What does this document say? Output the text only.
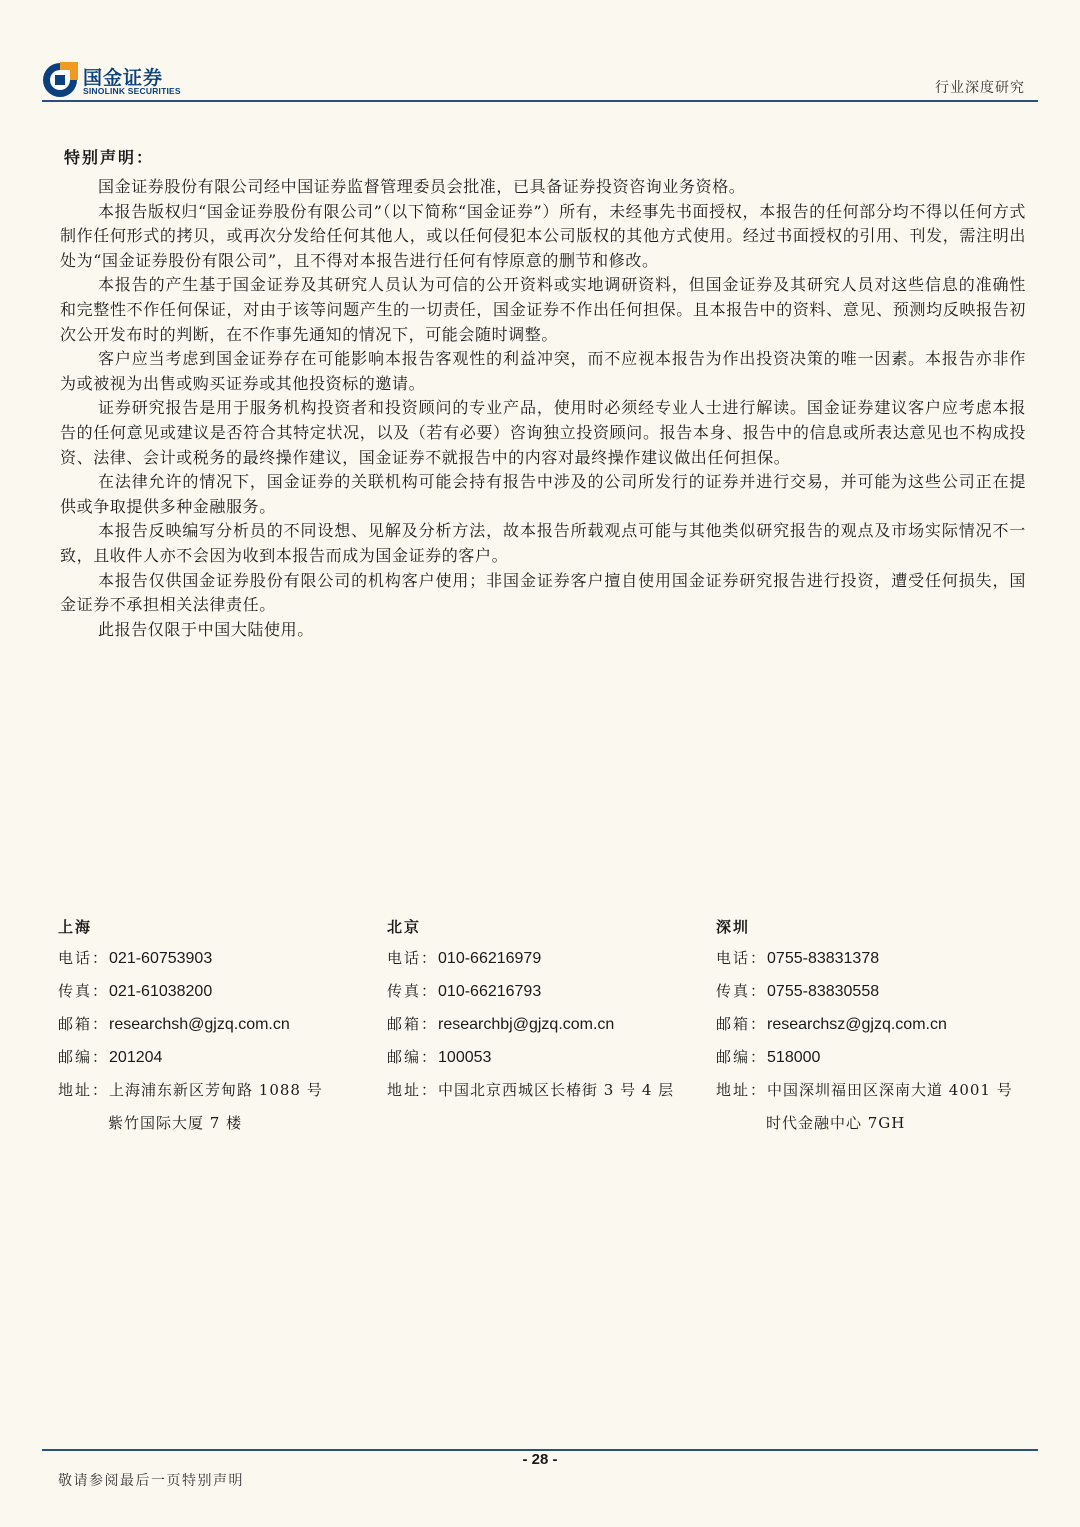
国金证券
SINOLINK SECURITIES	行业深度研究
特别声明：

国金证券股份有限公司经中国证券监督管理委员会批准，已具备证券投资咨询业务资格。

本报告版权归“国金证券股份有限公司”（以下简称“国金证券”）所有，未经事先书面授权，本报告的任何部分均不得以任何方式制作任何形式的拷贝，或再次分发给任何其他人，或以任何侵犯本公司版权的其他方式使用。经过书面授权的引用、刊发，需注明出处为“国金证券股份有限公司”，且不得对本报告进行任何有悖原意的删节和修改。

本报告的产生基于国金证券及其研究人员认为可信的公开资料或实地调研资料，但国金证券及其研究人员对这些信息的准确性和完整性不作任何保证，对由于该等问题产生的一切责任，国金证券不作出任何担保。且本报告中的资料、意见、预测均反映报告初次公开发布时的判断，在不作事先通知的情况下，可能会随时调整。

客户应当考虑到国金证券存在可能影响本报告客观性的利益冲突，而不应视本报告为作出投资决策的唯一因素。本报告亦非作为或被视为出售或购买证券或其他投资标的邀请。

证券研究报告是用于服务机构投资者和投资顾问的专业产品，使用时必须经专业人士进行解读。国金证券建议客户应考虑本报告的任何意见或建议是否符合其特定状况，以及（若有必要）咨询独立投资顾问。报告本身、报告中的信息或所表达意见也不构成投资、法律、会计或税务的最终操作建议，国金证券不就报告中的内容对最终操作建议做出任何担保。

在法律允许的情况下，国金证券的关联机构可能会持有报告中涉及的公司所发行的证券并进行交易，并可能为这些公司正在提供或争取提供多种金融服务。

本报告反映编写分析员的不同设想、见解及分析方法，故本报告所载观点可能与其他类似研究报告的观点及市场实际情况不一致，且收件人亦不会因为收到本报告而成为国金证券的客户。

本报告仅供国金证券股份有限公司的机构客户使用；非国金证券客户擅自使用国金证券研究报告进行投资，遭受任何损失，国金证券不承担相关法律责任。

此报告仅限于中国大陆使用。

上海
电话：021-60753903
传真：021-61038200
邮箱：researchsh@gjzq.com.cn
邮编：201204
地址：上海浦东新区芳甸路 1088 号
紫竹国际大厦 7 楼
北京
电话：010-66216979
传真：010-66216793
邮箱：researchbj@gjzq.com.cn
邮编：100053
地址：中国北京西城区长椿街 3 号 4 层
深圳
电话：0755-83831378
传真：0755-83830558
邮箱：researchsz@gjzq.com.cn
邮编：518000
地址：中国深圳福田区深南大道 4001 号
时代金融中心 7GH
- 28 -
敬请参阅最后一页特别声明
